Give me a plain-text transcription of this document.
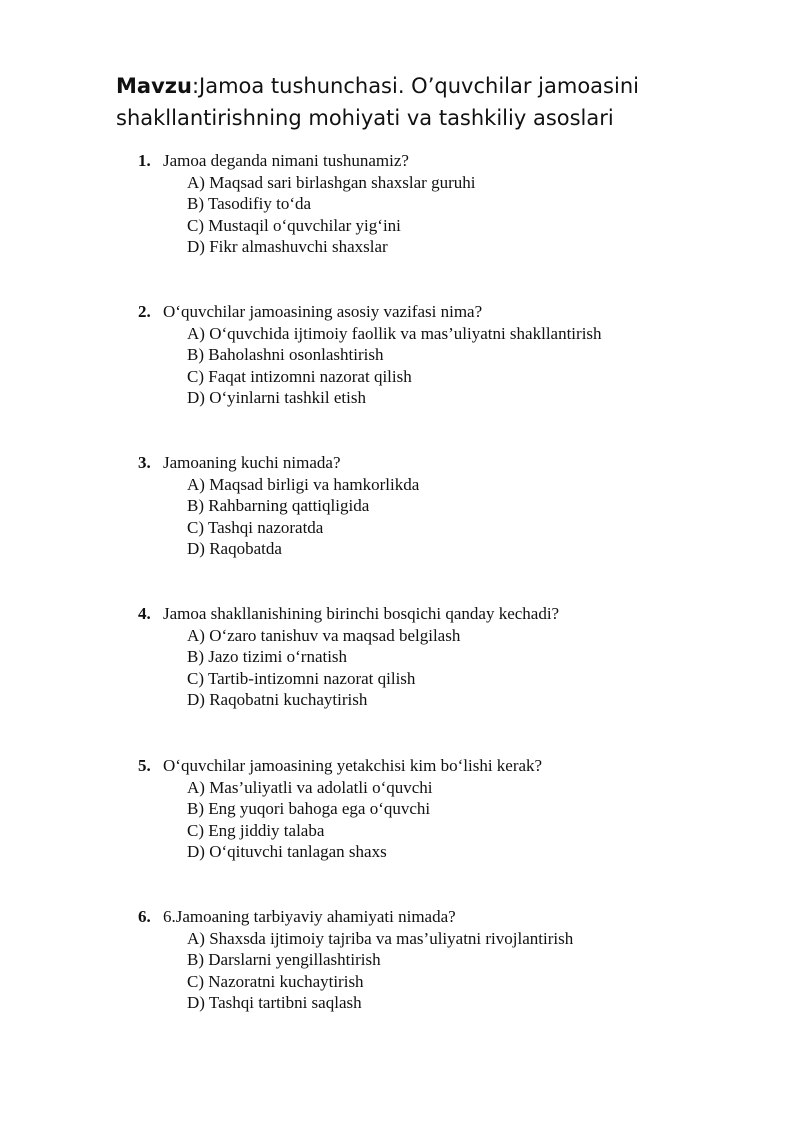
Mavzu:Jamoa tushunchasi. O’quvchilar jamoasini shakllantirishning mohiyati va tashkiliy asoslari
1. Jamoa deganda nimani tushunamiz?
A) Maqsad sari birlashgan shaxslar guruhi
B) Tasodifiy to‘da
C) Mustaqil o‘quvchilar yig‘ini
D) Fikr almashuvchi shaxslar
2. O‘quvchilar jamoasining asosiy vazifasi nima?
A) O‘quvchida ijtimoiy faollik va mas’uliyatni shakllantirish
B) Baholashni osonlashtirish
C) Faqat intizomni nazorat qilish
D) O‘yinlarni tashkil etish
3. Jamoaning kuchi nimada?
A) Maqsad birligi va hamkorlikda
B) Rahbarning qattiqligida
C) Tashqi nazoratda
D) Raqobatda
4. Jamoa shakllanishining birinchi bosqichi qanday kechadi?
A) O‘zaro tanishuv va maqsad belgilash
B) Jazo tizimi o‘rnatish
C) Tartib-intizomni nazorat qilish
D) Raqobatni kuchaytirish
5. O‘quvchilar jamoasining yetakchisi kim bo‘lishi kerak?
A) Mas’uliyatli va adolatli o‘quvchi
B) Eng yuqori bahoga ega o‘quvchi
C) Eng jiddiy talaba
D) O‘qituvchi tanlagan shaxs
6. 6.Jamoaning tarbiyaviy ahamiyati nimada?
A) Shaxsda ijtimoiy tajriba va mas’uliyatni rivojlantirish
B) Darslarni yengillashtirish
C) Nazoratni kuchaytirish
D) Tashqi tartibni saqlash
